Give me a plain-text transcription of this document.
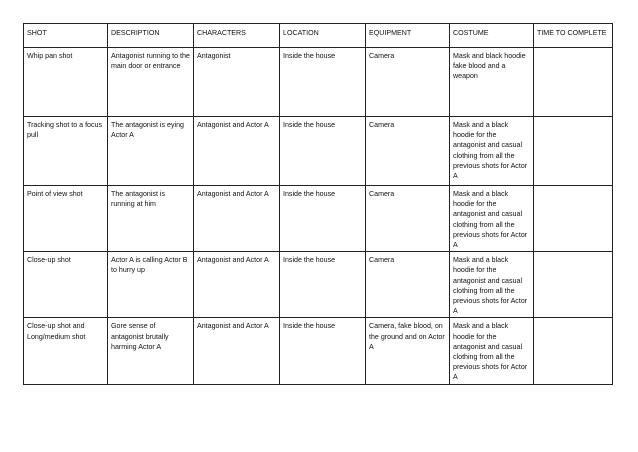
SHOT	DESCRIPTION	CHARACTERS	LOCATION	EQUIPMENT	COSTUME	TIME TO COMPLETE
Whip pan shot	Antagonist running to the main door or entrance	Antagonist	Inside the house	Camera	Mask and black hoodie fake blood and a weapon	
Tracking shot to a focus pull	The antagonist is eying Actor A	Antagonist and Actor A	Inside the house	Camera	Mask and a black hoodie for the antagonist and casual clothing from all the previous shots for Actor A	
Point of view shot	The antagonist is running at him	Antagonist and Actor A	Inside the house	Camera	Mask and a black hoodie for the antagonist and casual clothing from all the previous shots for Actor A	
Close-up shot	Actor A is calling Actor B to hurry up	Antagonist and Actor A	Inside the house	Camera	Mask and a black hoodie for the antagonist and casual clothing from all the previous shots for Actor A	
Close-up shot and Long/medium shot	Gore sense of antagonist brutally harming Actor A	Antagonist and Actor A	Inside the house	Camera, fake blood, on the ground and on Actor A	Mask and a black hoodie for the antagonist and casual clothing from all the previous shots for Actor A	
